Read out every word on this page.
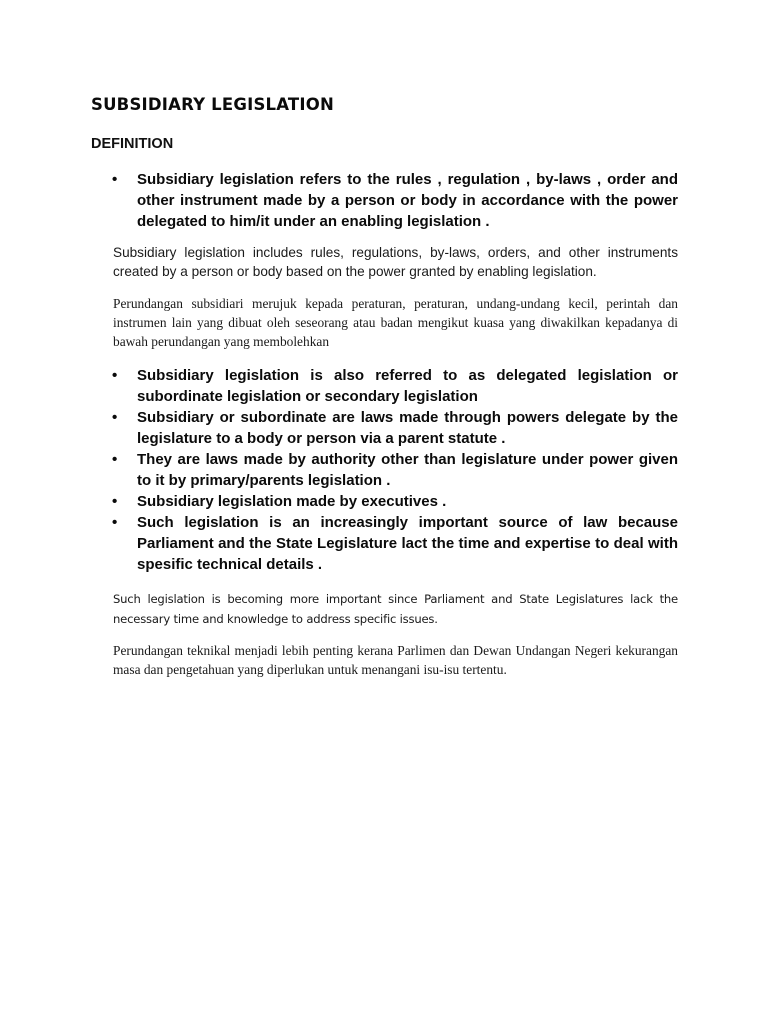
SUBSIDIARY LEGISLATION
DEFINITION
• Subsidiary legislation refers to the rules , regulation , by-laws , order and other instrument made by a person or body in accordance with the power delegated to him/it under an enabling legislation .

Subsidiary legislation includes rules, regulations, by-laws, orders, and other instruments created by a person or body based on the power granted by enabling legislation.

Perundangan subsidiari merujuk kepada peraturan, peraturan, undang-undang kecil, perintah dan instrumen lain yang dibuat oleh seseorang atau badan mengikut kuasa yang diwakilkan kepadanya di bawah perundangan yang membolehkan

• Subsidiary legislation is also referred to as delegated legislation or subordinate legislation or secondary legislation
• Subsidiary or subordinate are laws made through powers delegate by the legislature to a body or person via a parent statute .
• They are laws made by authority other than legislature under power given to it by primary/parents legislation .
• Subsidiary legislation made by executives .
• Such legislation is an increasingly important source of law because Parliament and the State Legislature lact the time and expertise to deal with spesific technical details .

Such legislation is becoming more important since Parliament and State Legislatures lack the necessary time and knowledge to address specific issues.

Perundangan teknikal menjadi lebih penting kerana Parlimen dan Dewan Undangan Negeri kekurangan masa dan pengetahuan yang diperlukan untuk menangani isu-isu tertentu.
